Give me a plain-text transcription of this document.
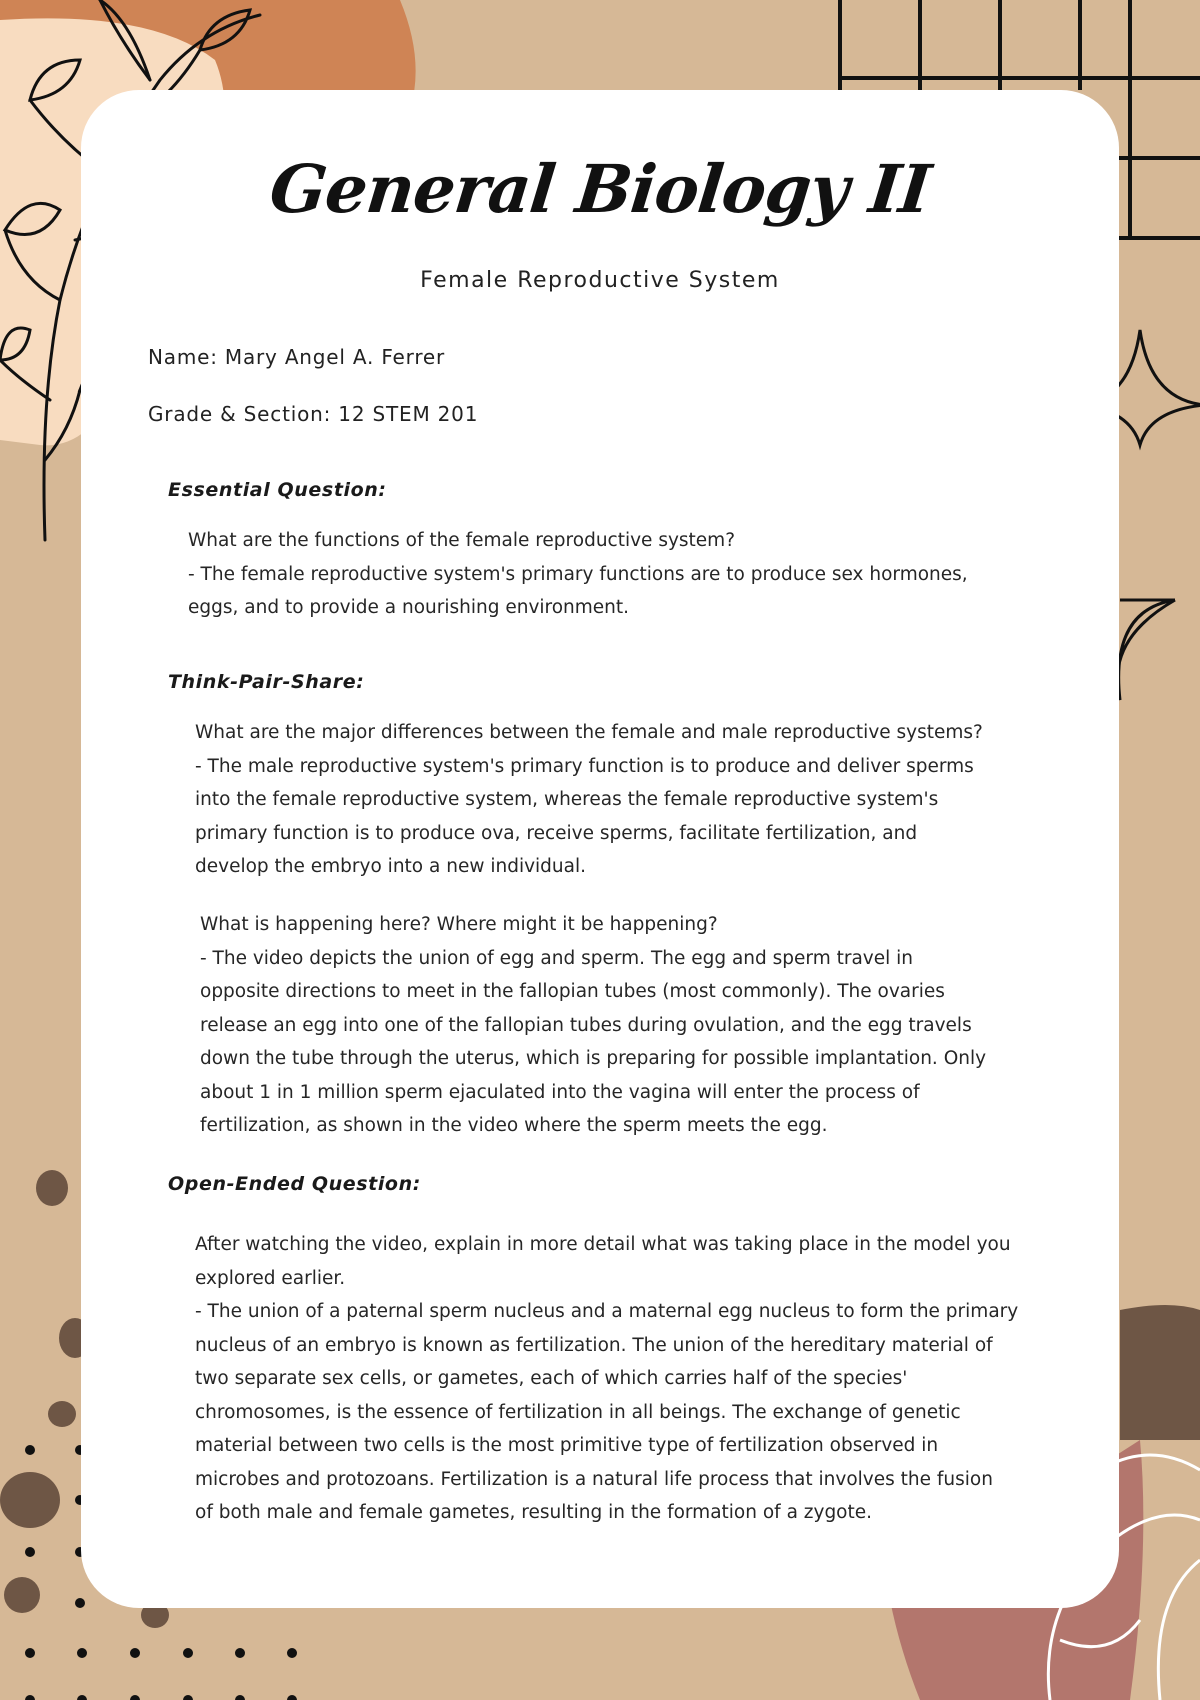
General Biology II
Female Reproductive System
Name: Mary Angel A. Ferrer
Grade & Section: 12 STEM 201
Essential Question:
What are the functions of the female reproductive system?
- The female reproductive system's primary functions are to produce sex hormones,
eggs, and to provide a nourishing environment.
Think-Pair-Share:
What are the major differences between the female and male reproductive systems?
- The male reproductive system's primary function is to produce and deliver sperms
into the female reproductive system, whereas the female reproductive system's
primary function is to produce ova, receive sperms, facilitate fertilization, and
develop the embryo into a new individual.
What is happening here? Where might it be happening?
- The video depicts the union of egg and sperm. The egg and sperm travel in
opposite directions to meet in the fallopian tubes (most commonly). The ovaries
release an egg into one of the fallopian tubes during ovulation, and the egg travels
down the tube through the uterus, which is preparing for possible implantation. Only
about 1 in 1 million sperm ejaculated into the vagina will enter the process of
fertilization, as shown in the video where the sperm meets the egg.
Open-Ended Question:
After watching the video, explain in more detail what was taking place in the model you
explored earlier.
- The union of a paternal sperm nucleus and a maternal egg nucleus to form the primary
nucleus of an embryo is known as fertilization. The union of the hereditary material of
two separate sex cells, or gametes, each of which carries half of the species'
chromosomes, is the essence of fertilization in all beings. The exchange of genetic
material between two cells is the most primitive type of fertilization observed in
microbes and protozoans. Fertilization is a natural life process that involves the fusion
of both male and female gametes, resulting in the formation of a zygote.
